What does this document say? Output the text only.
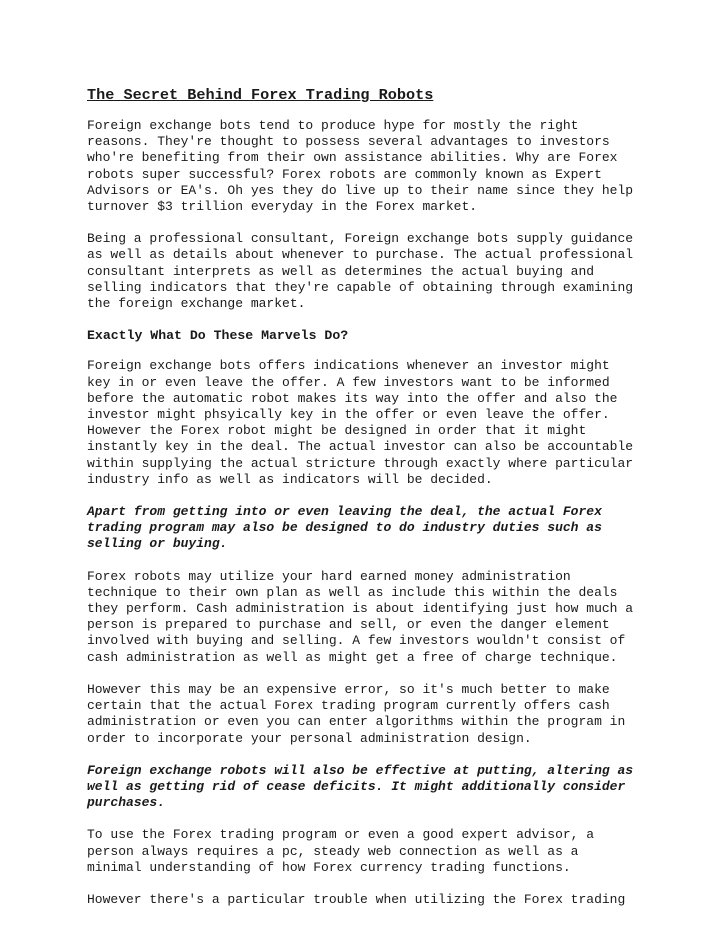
The Secret Behind Forex Trading Robots
Foreign exchange bots tend to produce hype for mostly the right
reasons. They're thought to possess several advantages to investors
who're benefiting from their own assistance abilities. Why are Forex
robots super successful? Forex robots are commonly known as Expert
Advisors or EA's. Oh yes they do live up to their name since they help
turnover $3 trillion everyday in the Forex market.
Being a professional consultant, Foreign exchange bots supply guidance
as well as details about whenever to purchase. The actual professional
consultant interprets as well as determines the actual buying and
selling indicators that they're capable of obtaining through examining
the foreign exchange market.
Exactly What Do These Marvels Do?
Foreign exchange bots offers indications whenever an investor might
key in or even leave the offer. A few investors want to be informed
before the automatic robot makes its way into the offer and also the
investor might phsyically key in the offer or even leave the offer.
However the Forex robot might be designed in order that it might
instantly key in the deal. The actual investor can also be accountable
within supplying the actual stricture through exactly where particular
industry info as well as indicators will be decided.
Apart from getting into or even leaving the deal, the actual Forex
trading program may also be designed to do industry duties such as
selling or buying.
Forex robots may utilize your hard earned money administration
technique to their own plan as well as include this within the deals
they perform. Cash administration is about identifying just how much a
person is prepared to purchase and sell, or even the danger element
involved with buying and selling. A few investors wouldn't consist of
cash administration as well as might get a free of charge technique.
However this may be an expensive error, so it's much better to make
certain that the actual Forex trading program currently offers cash
administration or even you can enter algorithms within the program in
order to incorporate your personal administration design.
Foreign exchange robots will also be effective at putting, altering as
well as getting rid of cease deficits. It might additionally consider
purchases.
To use the Forex trading program or even a good expert advisor, a
person always requires a pc, steady web connection as well as a
minimal understanding of how Forex currency trading functions.
However there's a particular trouble when utilizing the Forex trading
